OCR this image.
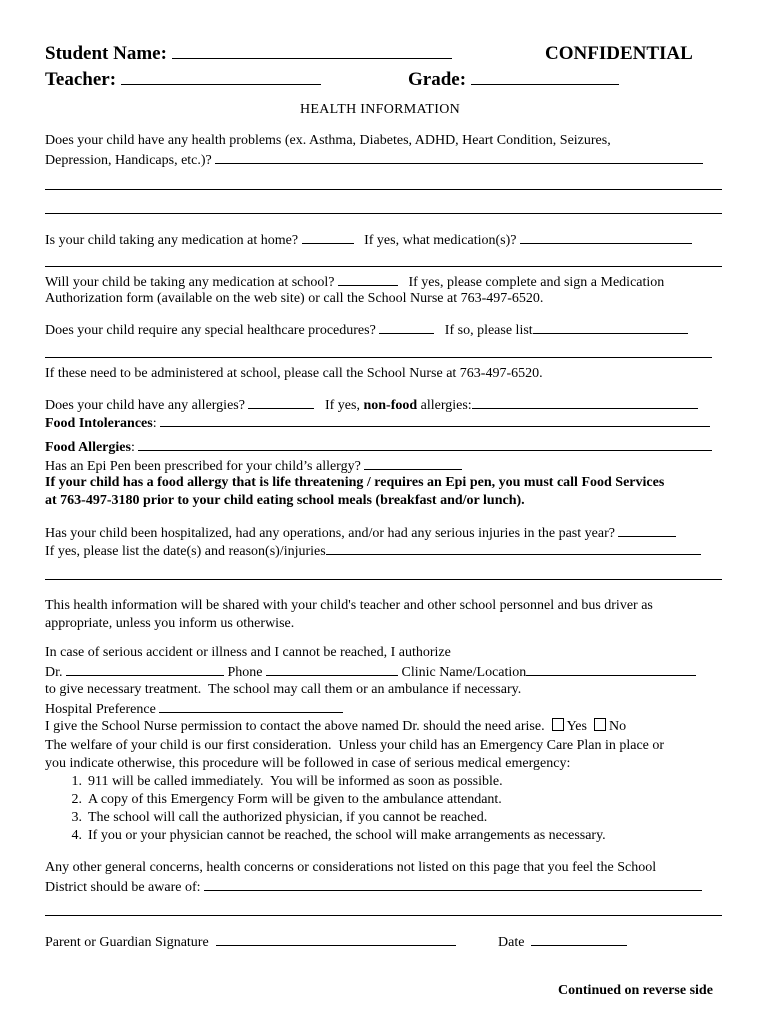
Student Name:	CONFIDENTIAL
Teacher:	Grade:
HEALTH INFORMATION
Does your child have any health problems (ex. Asthma, Diabetes, ADHD, Heart Condition, Seizures,
Depression, Handicaps, etc.)?
Is your child taking any medication at home?	If yes, what medication(s)?
Will your child be taking any medication at school?	If yes, please complete and sign a Medication
Authorization form (available on the web site) or call the School Nurse at 763-497-6520.
Does your child require any special healthcare procedures?	If so, please list
If these need to be administered at school, please call the School Nurse at 763-497-6520.
Does your child have any allergies?	If yes, non-food allergies:
Food Intolerances:
Food Allergies:
Has an Epi Pen been prescribed for your child’s allergy?
If your child has a food allergy that is life threatening / requires an Epi pen, you must call Food Services
at 763-497-3180 prior to your child eating school meals (breakfast and/or lunch).
Has your child been hospitalized, had any operations, and/or had any serious injuries in the past year?
If yes, please list the date(s) and reason(s)/injuries
This health information will be shared with your child's teacher and other school personnel and bus driver as
appropriate, unless you inform us otherwise.
In case of serious accident or illness and I cannot be reached, I authorize
Dr.	Phone	Clinic Name/Location
to give necessary treatment.  The school may call them or an ambulance if necessary.
Hospital Preference
I give the School Nurse permission to contact the above named Dr. should the need arise. Yes No
The welfare of your child is our first consideration.  Unless your child has an Emergency Care Plan in place or
you indicate otherwise, this procedure will be followed in case of serious medical emergency:
1. 911 will be called immediately.  You will be informed as soon as possible.
2. A copy of this Emergency Form will be given to the ambulance attendant.
3. The school will call the authorized physician, if you cannot be reached.
4. If you or your physician cannot be reached, the school will make arrangements as necessary.
Any other general concerns, health concerns or considerations not listed on this page that you feel the School
District should be aware of:
Parent or Guardian Signature	Date
Continued on reverse side
